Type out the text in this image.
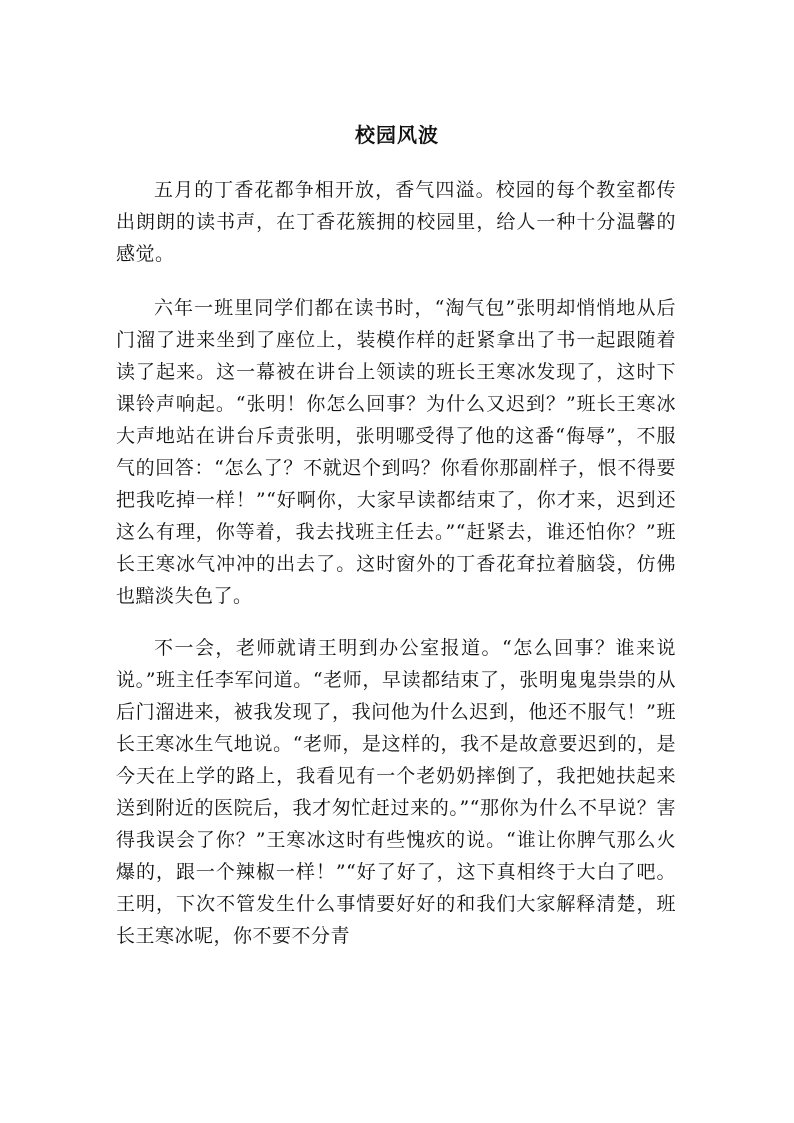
校园风波

五月的丁香花都争相开放，香气四溢。校园的每个教室都传出朗朗的读书声，在丁香花簇拥的校园里，给人一种十分温馨的感觉。

六年一班里同学们都在读书时，“淘气包”张明却悄悄地从后门溜了进来坐到了座位上，装模作样的赶紧拿出了书一起跟随着读了起来。这一幕被在讲台上领读的班长王寒冰发现了，这时下课铃声响起。“张明！你怎么回事？为什么又迟到？”班长王寒冰大声地站在讲台斥责张明，张明哪受得了他的这番“侮辱”，不服气的回答：“怎么了？不就迟个到吗？你看你那副样子，恨不得要把我吃掉一样！”“好啊你，大家早读都结束了，你才来，迟到还这么有理，你等着，我去找班主任去。”“赶紧去，谁还怕你？”班长王寒冰气冲冲的出去了。这时窗外的丁香花耷拉着脑袋，仿佛也黯淡失色了。

不一会，老师就请王明到办公室报道。“怎么回事？谁来说说。”班主任李军问道。“老师，早读都结束了，张明鬼鬼祟祟的从后门溜进来，被我发现了，我问他为什么迟到，他还不服气！”班长王寒冰生气地说。“老师，是这样的，我不是故意要迟到的，是今天在上学的路上，我看见有一个老奶奶摔倒了，我把她扶起来送到附近的医院后，我才匆忙赶过来的。”“那你为什么不早说？害得我误会了你？”王寒冰这时有些愧疚的说。“谁让你脾气那么火爆的，跟一个辣椒一样！”“好了好了，这下真相终于大白了吧。王明，下次不管发生什么事情要好好的和我们大家解释清楚，班长王寒冰呢，你不要不分青
